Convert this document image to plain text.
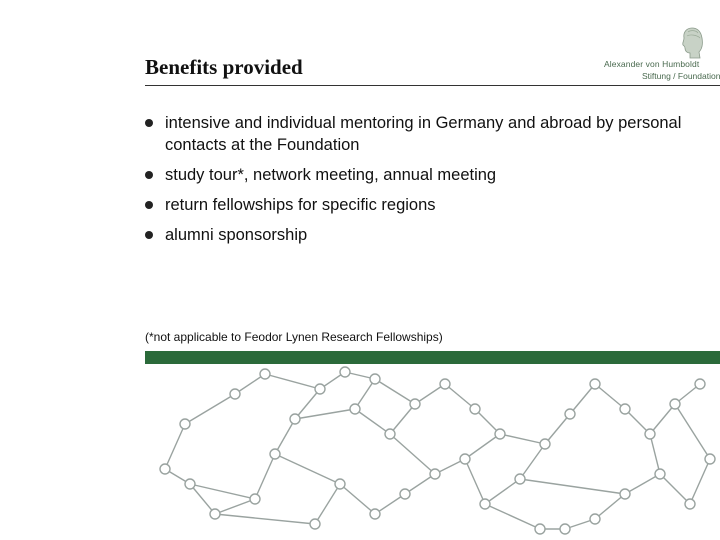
Benefits provided	Alexander von Humboldt
Stiftung / Foundation
intensive and individual mentoring in Germany and abroad by personal contacts at the Foundation
study tour*, network meeting, annual meeting
return fellowships for specific regions
alumni sponsorship
(*not applicable to Feodor Lynen Research Fellowships)
